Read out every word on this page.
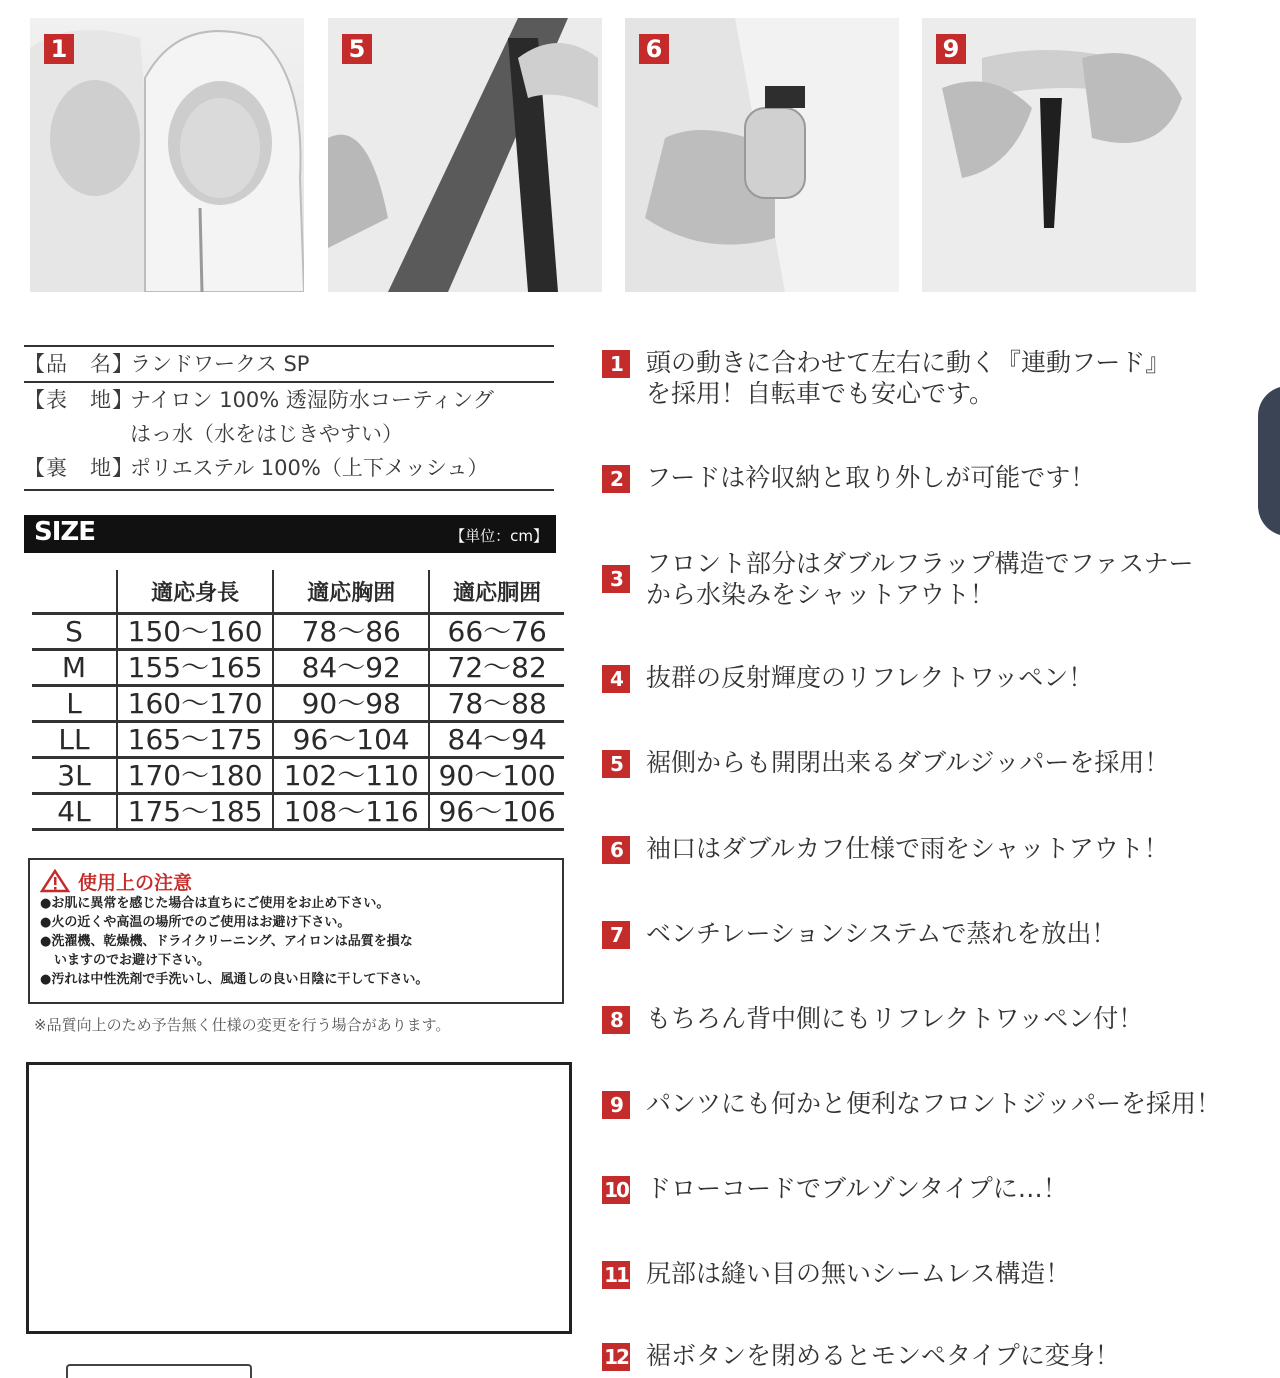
1	5	6	9
【品　名】
ランドワークス SP
【表　地】
ナイロン 100% 透湿防水コーティング
はっ水（水をはじきやすい）
【裏　地】
ポリエステル 100%（上下メッシュ）
SIZE	【単位：cm】
	適応身長	適応胸囲	適応胴囲
S	150～160	78～86	66～76
M	155～165	84～92	72～82
L	160～170	90～98	78～88
LL	165～175	96～104	84～94
3L	170～180	102～110	90～100
4L	175～185	108～116	96～106
使用上の注意
●お肌に異常を感じた場合は直ちにご使用をお止め下さい。
●火の近くや高温の場所でのご使用はお避け下さい。
●洗濯機、乾燥機、ドライクリーニング、アイロンは品質を損な
いますのでお避け下さい。
●汚れは中性洗剤で手洗いし、風通しの良い日陰に干して下さい。
※品質向上のため予告無く仕様の変更を行う場合があります。
1 頭の動きに合わせて左右に動く『連動フード』
を採用！自転車でも安心です。
2 フードは衿収納と取り外しが可能です！
3
フロント部分はダブルフラップ構造でファスナー
から水染みをシャットアウト！
4 抜群の反射輝度のリフレクトワッペン！
5 裾側からも開閉出来るダブルジッパーを採用！
6 袖口はダブルカフ仕様で雨をシャットアウト！
7 ベンチレーションシステムで蒸れを放出！
8 もちろん背中側にもリフレクトワッペン付！
9 パンツにも何かと便利なフロントジッパーを採用！
10 ドローコードでブルゾンタイプに…！
11 尻部は縫い目の無いシームレス構造！
12 裾ボタンを閉めるとモンペタイプに変身！
